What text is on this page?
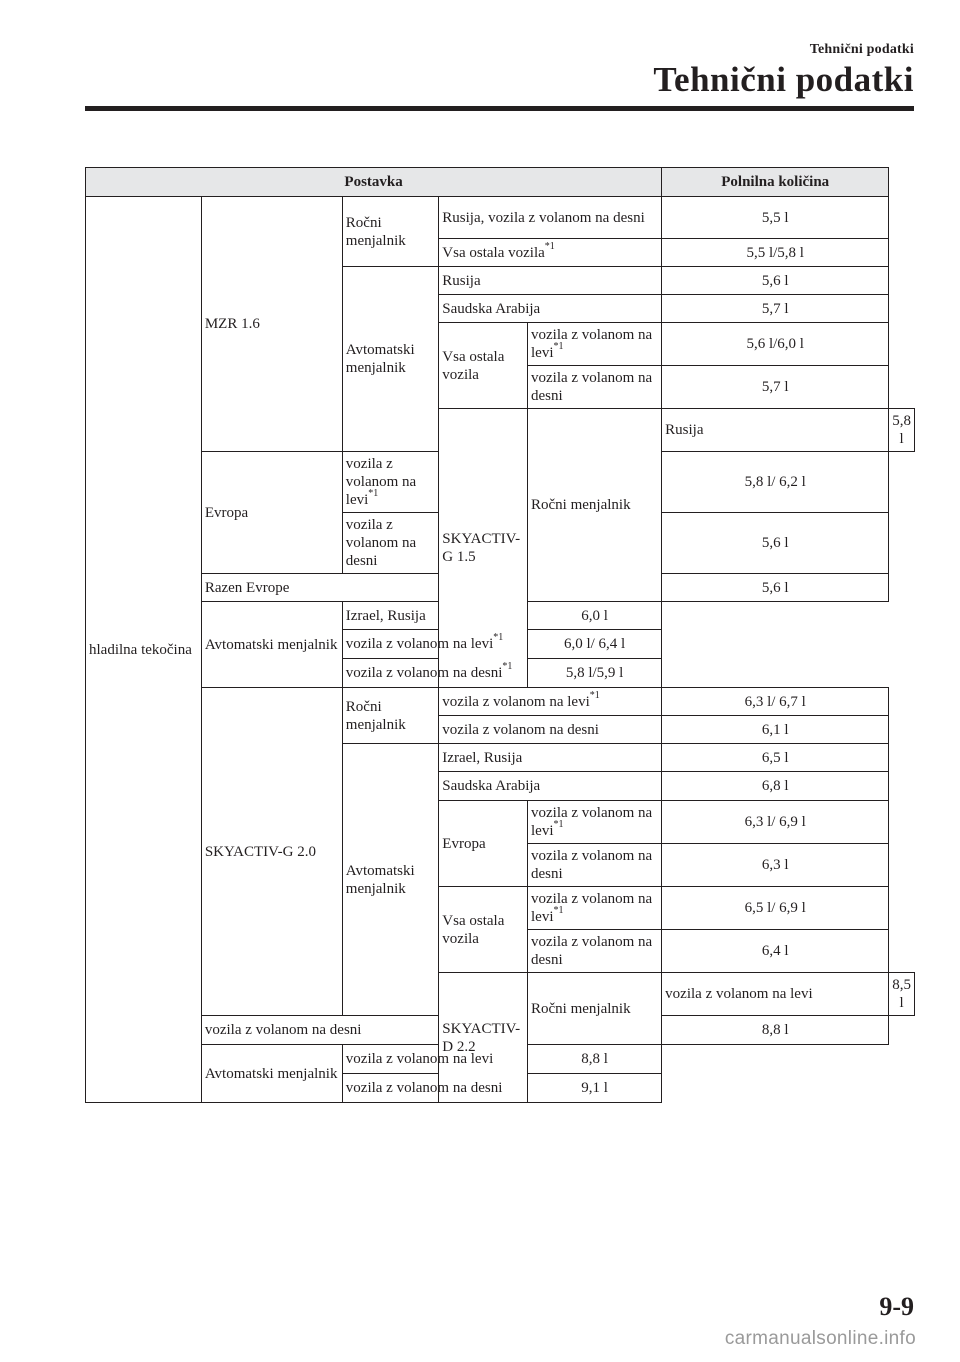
Tehnični podatki
Tehnični podatki
Postavka					Polnilna količina	
hladilna tekočina	MZR 1.6	Ročni menjalnik	Rusija, vozila z volanom na desni		5,5 l	
			Vsa ostala vozila$^{*1}$		5,5 l/5,8 l	
		Avtomatski menjalnik	Rusija		5,6 l	
			Saudska Arabija		5,7 l	
			Vsa ostala vozila	vozila z volanom na levi$^{*1}$	5,6 l/6,0 l	
				vozila z volanom na desni	5,7 l	
			SKYACTIV-G 1.5	Ročni menjalnik	Rusija	5,8 l
	Evropa	vozila z volanom na levi$^{*1}$			5,8 l/ 6,2 l	
		vozila z volanom na desni			5,6 l	
	Razen Evrope				5,6 l	
	Avtomatski menjalnik	Izrael, Rusija		6,0 l		
		vozila z volanom na levi$^{*1}$		6,0 l/ 6,4 l		
		vozila z volanom na desni$^{*1}$		5,8 l/5,9 l		
	SKYACTIV-G 2.0	Ročni menjalnik	vozila z volanom na levi$^{*1}$		6,3 l/ 6,7 l	
			vozila z volanom na desni		6,1 l	
		Avtomatski menjalnik	Izrael, Rusija		6,5 l	
			Saudska Arabija		6,8 l	
			Evropa	vozila z volanom na levi$^{*1}$	6,3 l/ 6,9 l	
				vozila z volanom na desni	6,3 l	
			Vsa ostala vozila	vozila z volanom na levi$^{*1}$	6,5 l/ 6,9 l	
				vozila z volanom na desni	6,4 l	
			SKYACTIV-D 2.2	Ročni menjalnik	vozila z volanom na levi	8,5 l
	vozila z volanom na desni				8,8 l	
	Avtomatski menjalnik	vozila z volanom na levi		8,8 l		
		vozila z volanom na desni		9,1 l		
9-9
carmanualsonline.info
